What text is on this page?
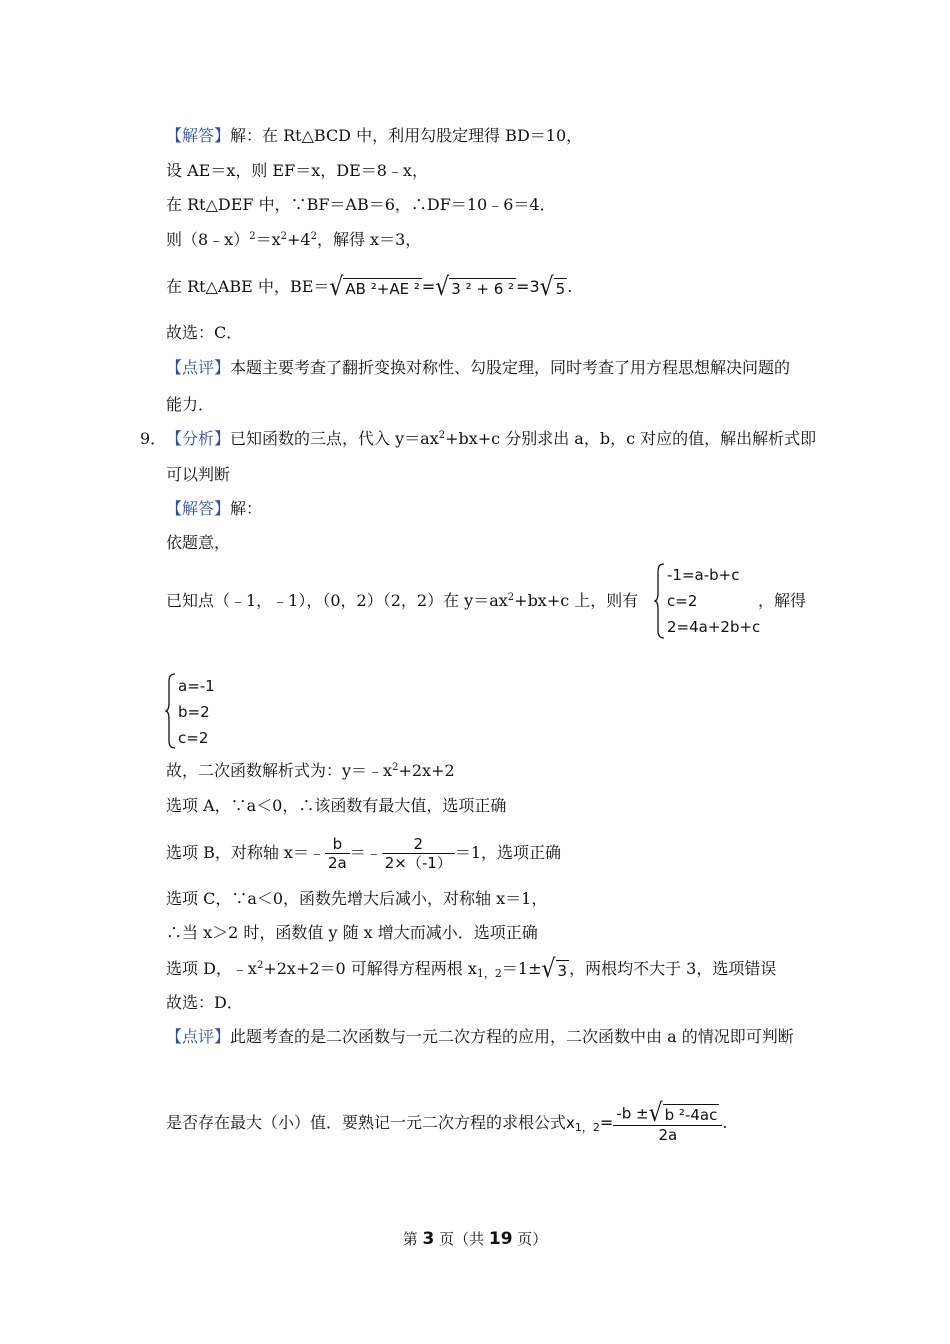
【解答】解：在 Rt△BCD 中，利用勾股定理得 BD＝10，
设 AE＝x，则 EF＝x，DE＝8﹣x，
在 Rt△DEF 中，∵BF＝AB＝6，∴DF＝10﹣6＝4．
则$(8﹣x)^2=x^2+4^2$，解得 x＝3，
在 Rt△ABE 中，BE＝√ AB ²+AE ² =√ 3 ² + 6 ² =3√ 5 .
故选：C．
【点评】本题主要考查了翻折变换对称性、勾股定理，同时考查了用方程思想解决问题的
能力．
9． 【分析】已知函数的三点，代入 $y=ax^2+bx+c$ 分别求出 a，b，c 对应的值，解出解析式即
可以判断
【解答】解：
依题意，
已知点（﹣1，﹣1），（0，2）（2，2）在 $y=ax^2+bx+c$ 上，则有
-1=a-b+c
c=2
2=4a+2b+c
，解得
a=-1
b=2
c=2
故，二次函数解析式为：$y=﹣x^2+2x+2$
选项 A，∵a＜0，∴该函数有最大值，选项正确
选项 B，对称轴 x＝﹣ $\frac{b}{2a}$ ＝﹣ $\frac{2}{2\times(-1)} =1$，选项正确
选项 C，∵a＜0，函数先增大后减小，对称轴 x＝1，
∴当 x＞2 时，函数值 y 随 x 增大而减小．选项正确
选项 D，$﹣x^2+2x+2=0$ 可解得方程两根 $x_{1,2}=1\pm√$ 3 ，两根均不大于 3，选项错误
故选：D．
【点评】此题考查的是二次函数与一元二次方程的应用，二次函数中由 a 的情况即可判断
是否存在最大（小）值．要熟记一元二次方程的求根公式$x_{1,2}= \frac{\text{-b ±√ b ²-4ac}}{2a}$ .
第 3 页（共 19 页）
